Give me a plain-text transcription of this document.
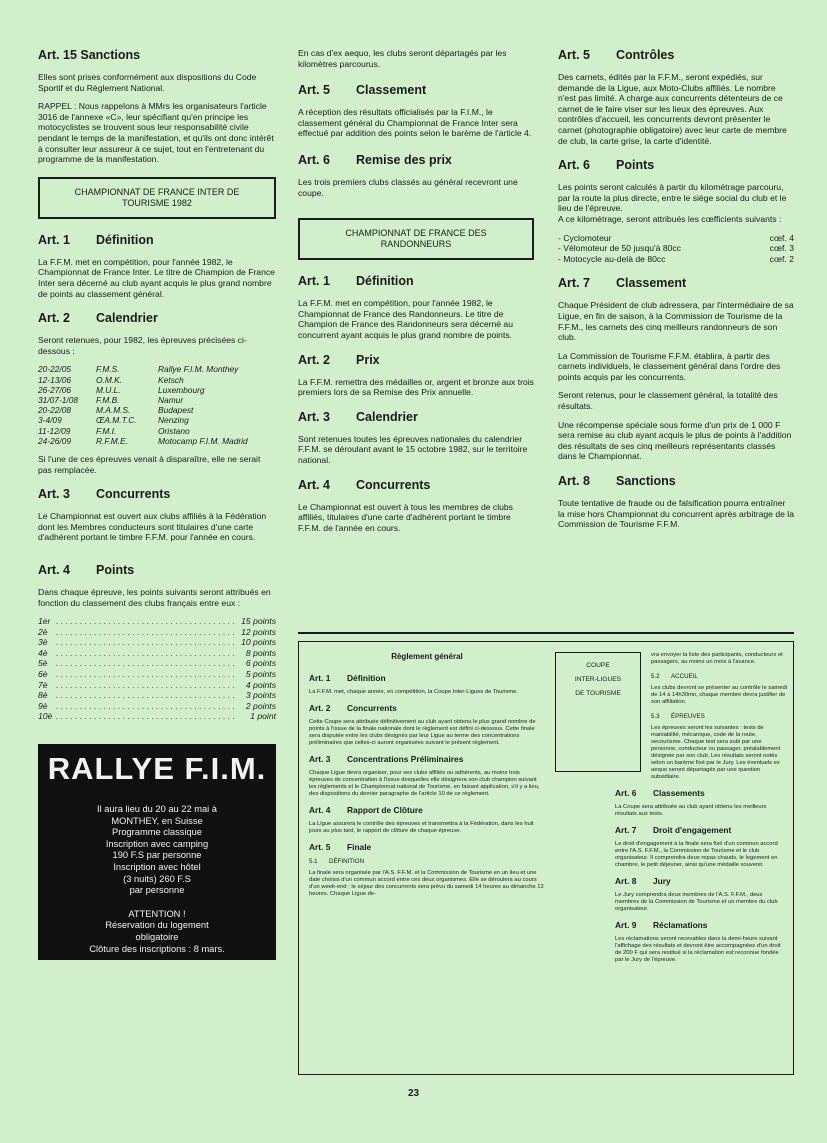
Art. 15 Sanctions

Elles sont prises conformément aux dispositions du Code Sportif et du Règlement National.

RAPPEL : Nous rappelons à MMrs les organisateurs l'article 3016 de l'annexe «C», leur spécifiant qu'en principe les motocyclistes se trouvent sous leur responsabilité civile pendant le temps de la manifestation, et qu'ils ont donc intérêt à consulter leur assureur à ce sujet, tout en l'entretenant du programme de la manifestation.

CHAMPIONNAT DE FRANCE INTER DE TOURISME 1982
Art. 1 Définition

La F.F.M. met en compétition, pour l'année 1982, le Championnat de France Inter. Le titre de Champion de France Inter sera décerné au club ayant acquis le plus grand nombre de points au classement général.

Art. 2 Calendrier

Seront retenues, pour 1982, les épreuves précisées ci-dessous :

20-22/05	F.M.S.	Rallye F.I.M. Monthey
12-13/06	O.M.K.	Ketsch
26-27/06	M.U.L.	Luxembourg
31/07-1/08	F.M.B.	Namur
20-22/08	M.A.M.S.	Budapest
3-4/09	ŒA.M.T.C.	Nenzing
11-12/09	F.M.I.	Oristano
24-26/09	R.F.M.E.	Motocamp F.I.M. Madrid

Si l'une de ces épreuves venait à disparaître, elle ne serait pas remplacée.

Art. 3 Concurrents

Le Championnat est ouvert aux clubs affiliés à la Fédération dont les Membres conducteurs sont titulaires d'une carte d'adhérent portant le timbre F.F.M. pour l'année en cours.

Art. 4 Points

Dans chaque épreuve, les points suivants seront attribués en fonction du classement des clubs français entre eux :

1er	. . . . . . . . . . . . . . . . . . . . . . . . . . . . . . . . . . . . . .	15 points
2è	. . . . . . . . . . . . . . . . . . . . . . . . . . . . . . . . . . . . . .	12 points
3è	. . . . . . . . . . . . . . . . . . . . . . . . . . . . . . . . . . . . . .	10 points
4è	. . . . . . . . . . . . . . . . . . . . . . . . . . . . . . . . . . . . . .	8 points
5è	. . . . . . . . . . . . . . . . . . . . . . . . . . . . . . . . . . . . . .	6 points
6è	. . . . . . . . . . . . . . . . . . . . . . . . . . . . . . . . . . . . . .	5 points
7è	. . . . . . . . . . . . . . . . . . . . . . . . . . . . . . . . . . . . . .	4 points
8è	. . . . . . . . . . . . . . . . . . . . . . . . . . . . . . . . . . . . . .	3 points
9è	. . . . . . . . . . . . . . . . . . . . . . . . . . . . . . . . . . . . . .	2 points
10è	. . . . . . . . . . . . . . . . . . . . . . . . . . . . . . . . . . . . . .	1 point
RALLYE F.I.M.
Il aura lieu du 20 au 22 mai à
MONTHEY, en Suisse
Programme classique
Inscription avec camping
190 F.S par personne
Inscription avec hôtel
(3 nuits) 260 F.S
par personne
ATTENTION !
Réservation du logement
obligatoire
Clôture des inscriptions : 8 mars.

En cas d'ex aequo, les clubs seront départagés par les kilomètres parcourus.

Art. 5 Classement

A réception des résultats officialisés par la F.I.M., le classement général du Championnat de France Inter sera effectué par addition des points selon le barème de l'article 4.

Art. 6 Remise des prix

Les trois premiers clubs classés au général recevront une coupe.

CHAMPIONNAT DE FRANCE DES RANDONNEURS
Art. 1 Définition

La F.F.M. met en compétition, pour l'année 1982, le Championnat de France des Randonneurs. Le titre de Champion de France des Randonneurs sera décerné au concurrent ayant acquis le plus grand nombre de points.

Art. 2 Prix

La F.F.M. remettra des médailles or, argent et bronze aux trois premiers lors de sa Remise des Prix annuelle.

Art. 3 Calendrier

Sont retenues toutes les épreuves nationales du calendrier F.F.M. se déroulant avant le 15 octobre 1982, sur le territoire national.

Art. 4 Concurrents

Le Championnat est ouvert à tous les membres de clubs affiliés, titulaires d'une carte d'adhérent portant le timbre F.F.M. de l'année en cours.

Art. 5 Contrôles

Des carnets, édités par la F.F.M., seront expédiés, sur demande de la Ligue, aux Moto-Clubs affiliés. Le nombre n'est pas limité. A charge aux concurrents détenteurs de ce carnet de le faire viser sur les lieux des épreuves. Aux contrôles d'accueil, les concurrents devront présenter le carnet (photographie obligatoire) avec leur carte de membre de club, la carte grise, la carte d'identité.

Art. 6 Points

Les points seront calculés à partir du kilométrage parcouru, par la route la plus directe, entre le siège social du club et le lieu de l'épreuve.

A ce kilométrage, seront attribués les cœfficients suivants :

- Cyclomoteur	cœf. 4
- Vélomoteur de 50 jusqu'à 80cc	cœf. 3
- Motocycle au-delà de 80cc	cœf. 2
Art. 7 Classement

Chaque Président de club adressera, par l'intermédiaire de sa Ligue, en fin de saison, à la Commission de Tourisme de la F.F.M., les carnets des cinq meilleurs randonneurs de son club.

La Commission de Tourisme F.F.M. établira, à partir des carnets individuels, le classement général dans l'ordre des points acquis par les concurrents.

Seront retenus, pour le classement général, la totalité des résultats.

Une récompense spéciale sous forme d'un prix de 1 000 F sera remise au club ayant acquis le plus de points à l'addition des résultats de ses cinq meilleurs représentants classés dans le Championnat.

Art. 8 Sanctions

Toute tentative de fraude ou de falsification pourra entraîner la mise hors Championnat du concurrent après arbitrage de la Commission de Tourisme F.F.M.

Règlement général
Art. 1 Définition

La F.F.M. met, chaque année, en compétition, la Coupe Inter-Ligues de Tourisme.

Art. 2 Concurrents

Cette Coupe sera attribuée définitivement au club ayant obtenu le plus grand nombre de points à l'issue de la finale nationale dont le règlement est défini ci-dessous. Cette finale sera disputée entre les clubs désignés par leur Ligue au terme des concentrations préliminaires que celles-ci auront organisées suivant le présent règlement.

Art. 3 Concentrations Préliminaires

Chaque Ligue devra organiser, pour ses clubs affiliés ou adhérents, au moins trois épreuves de concentration à l'issue desquelles elle désignera son club champion suivant les règlements et le Championnat national de Tourisme, en faisant application, s'il y a lieu, des dispositions du dernier paragraphe de l'article 10 de ce règlement.

Art. 4 Rapport de Clôture

La Ligue assurera le contrôle des épreuves et transmettra à la Fédération, dans les huit jours au plus tard, le rapport de clôture de chaque épreuve.

Art. 5 Finale
5.1 DÉFINITION

La finale sera organisée par l'A.S. F.F.M. et la Commission de Tourisme en un lieu et une date choisis d'un commun accord entre ces deux organismes. Elle se déroulera au cours d'un week-end ; le séjour des concurrents sera prévu du samedi 14 heures au dimanche 12 heures. Chaque Ligue de-

COUPE
INTER-LIGUES
DE TOURISME

vra envoyer la liste des participants, conducteurs et passagers, au moins un mois à l'avance.

5.2 ACCUEIL

Les clubs devront se présenter au contrôle le samedi de 14 à 14h30mn, chaque membre devra justifier de son affiliation.

5.3 ÉPREUVES

Les épreuves seront les suivantes : tests de maniabilité, mécanique, code de la route, secourisme. Chaque test sera subi par une personne, conducteur ou passager, préalablement désignée par son club. Les résultats seront notés selon un barème fixé par le Jury. Les éventuels ex aequo seront départagés par une question subsidiaire.

Art. 6 Classements

La Coupe sera attribuée au club ayant obtenu les meilleurs résultats aux tests.

Art. 7 Droit d'engagement

Le droit d'engagement à la finale sera fixé d'un commun accord entre l'A.S. F.F.M., la Commission de Tourisme et le club organisateur. Il comprendra deux repas chauds, le logement en chambre, le petit déjeuner, ainsi qu'une médaille souvenir.

Art. 8 Jury

Le Jury comprendra deux membres de l'A.S. F.F.M., deux membres de la Commission de Tourisme et un membre du club organisateur.

Art. 9 Réclamations

Les réclamations seront recevables dans la demi-heure suivant l'affichage des résultats et devront être accompagnées d'un droit de 200 F qui sera restitué si la réclamation est reconnue fondée par le Jury de l'épreuve.

23
